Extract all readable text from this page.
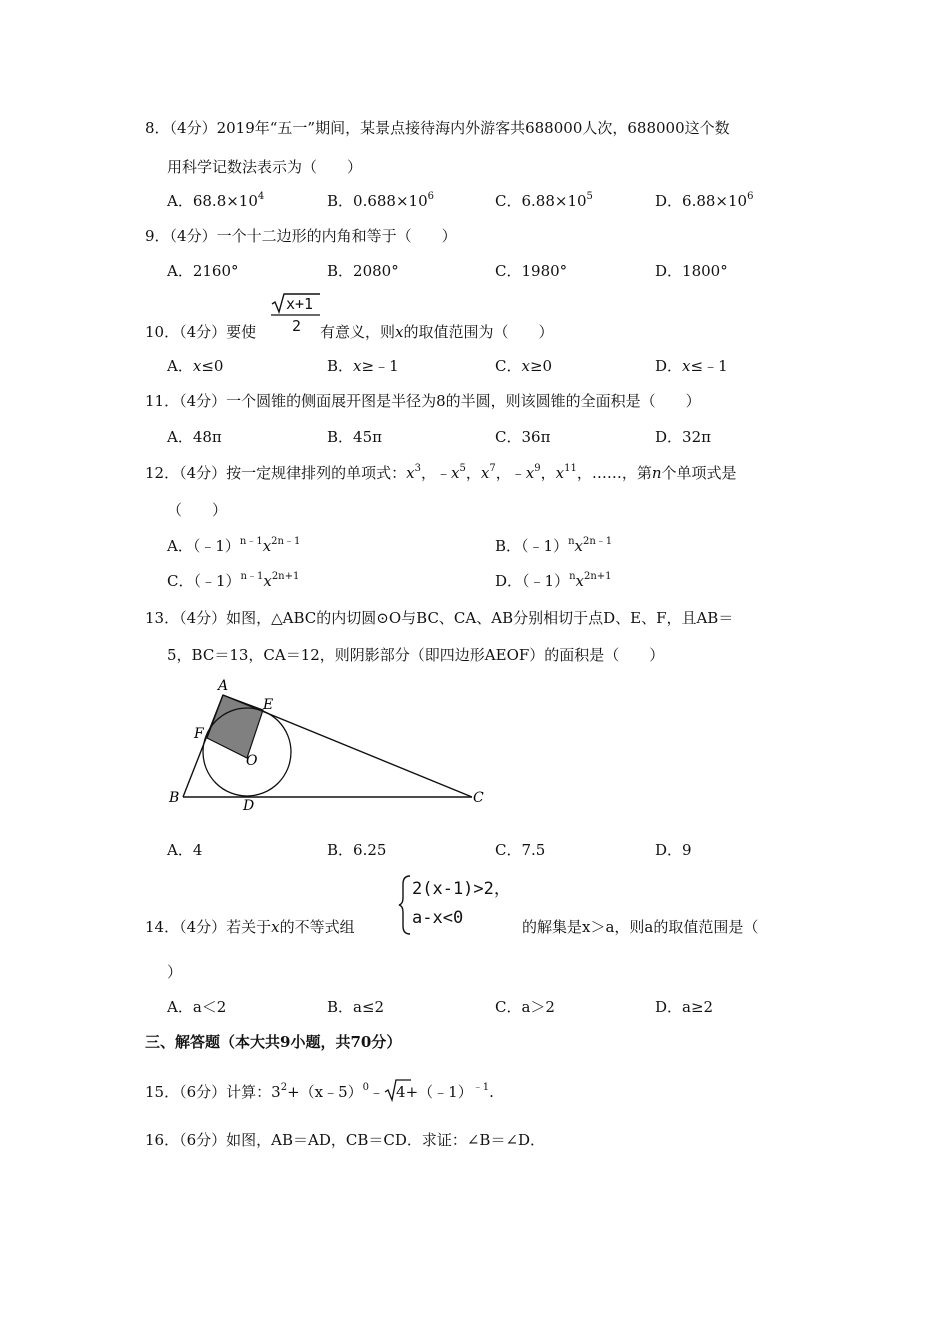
8．（4分）2019年“五一”期间，某景点接待海内外游客共688000人次，688000这个数
用科学记数法表示为（　　）
A．$68.8\times 10^4$	B．$0.688\times 10^6$	C．$6.88\times 10^5$	D．$6.88\times 10^6$
9．（4分）一个十二边形的内角和等于（　　）
A．2160°	B．2080°	C．1980°	D．1800°
10．（4分）要使
x+1
2 有意义，则x的取值范围为（　　）
A．x≤0	B．x≥﹣1	C．x≥0	D．x≤﹣1
11．（4分）一个圆锥的侧面展开图是半径为8的半圆，则该圆锥的全面积是（　　）
A．48π	B．45π	C．36π	D．32π
12．（4分）按一定规律排列的单项式：$x^3$，$﹣x^5$，$x^7$，$﹣x^9$，$x^{11}$，……，第n个单项式是
（　　）
A．$(﹣1)^{n﹣1}x^{2n﹣1}$	B．$(﹣1)^nx^{2n﹣1}$
C．$(﹣1)^{n﹣1}x^{2n+1}$	D．$(﹣1)^nx^{2n+1}$
13．（4分）如图，△ABC的内切圆⊙O与BC、CA、AB分别相切于点D、E、F，且AB＝
5，BC＝13，CA＝12，则阴影部分（即四边形AEOF）的面积是（　　）
A
E
F
O
B	D	C
A．4	B．6.25	C．7.5	D．9
14．（4分）若关于x的不等式组
2(x-1)>2，
a-x<0	的解集是x＞a，则a的取值范围是（
）
A．a＜2	B．a≤2	C．a＞2	D．a≥2
三、解答题（本大共9小题，共70分）
15．（6分）计算：$3^2+(x﹣5)^0﹣$ 4+（﹣1）$^{﹣1}$.
16．（6分）如图，AB＝AD，CB＝CD．求证：∠B＝∠D．
